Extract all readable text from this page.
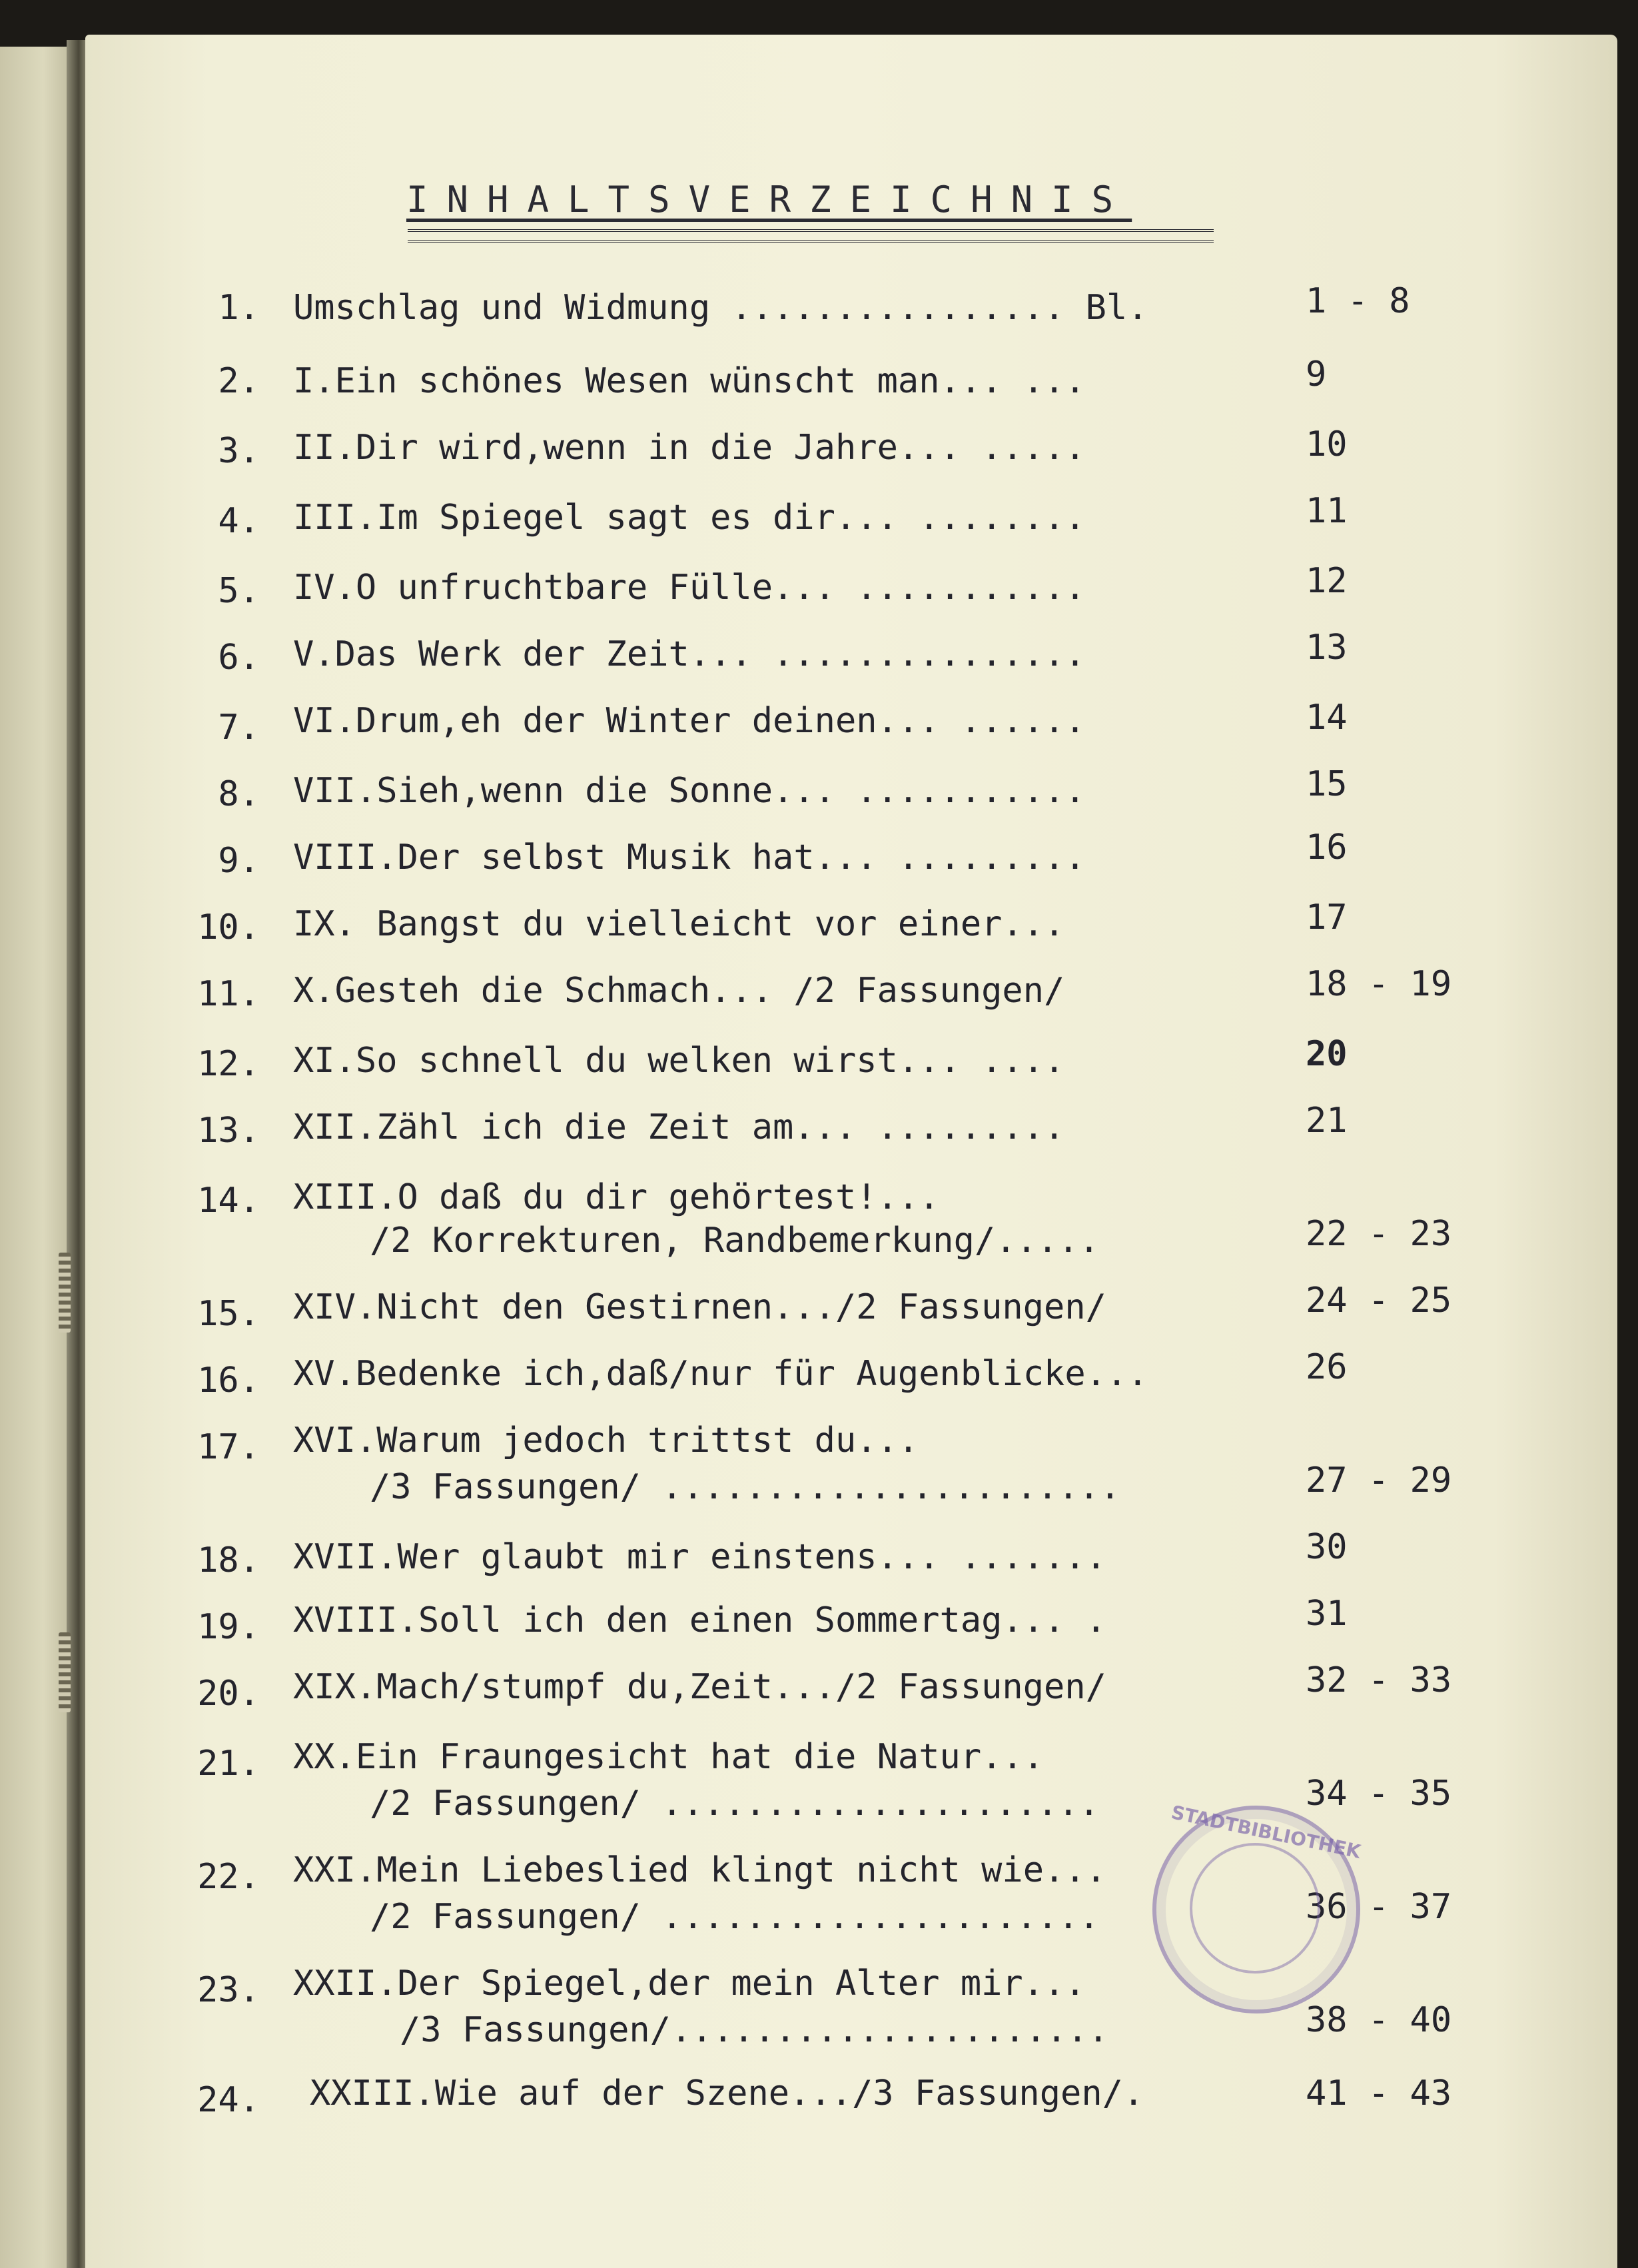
INHALTSVERZEICHNIS
1. Umschlag und Widmung ................ Bl.	1 - 8
2. I.Ein schönes Wesen wünscht man... ...	9
3. II.Dir wird,wenn in die Jahre... .....	10
4. III.Im Spiegel sagt es dir... ........	11
5. IV.O unfruchtbare Fülle... ...........	12
6. V.Das Werk der Zeit... ...............	13
7. VI.Drum,eh der Winter deinen... ......	14
8. VII.Sieh,wenn die Sonne... ...........	15
9. VIII.Der selbst Musik hat... .........	16
10. IX. Bangst du vielleicht vor einer...	17
11. X.Gesteh die Schmach... /2 Fassungen/	18 - 19
12. XI.So schnell du welken wirst... ....	20
13. XII.Zähl ich die Zeit am... .........	21
14. XIII.O daß du dir gehörtest!...
/2 Korrekturen, Randbemerkung/.....	22 - 23
15. XIV.Nicht den Gestirnen.../2 Fassungen/	24 - 25
16. XV.Bedenke ich,daß/nur für Augenblicke...	26
17. XVI.Warum jedoch trittst du...
/3 Fassungen/ ......................	27 - 29
18. XVII.Wer glaubt mir einstens... .......	30
19. XVIII.Soll ich den einen Sommertag... .	31
20. XIX.Mach/stumpf du,Zeit.../2 Fassungen/	32 - 33
21. XX.Ein Fraungesicht hat die Natur...
/2 Fassungen/ .....................	34 - 35
22. XXI.Mein Liebeslied klingt nicht wie...
/2 Fassungen/ .....................	36 - 37
23. XXII.Der Spiegel,der mein Alter mir...
/3 Fassungen/.....................	38 - 40
24. XXIII.Wie auf der Szene.../3 Fassungen/.	41 - 43
STADTBIBLIOTHEK
